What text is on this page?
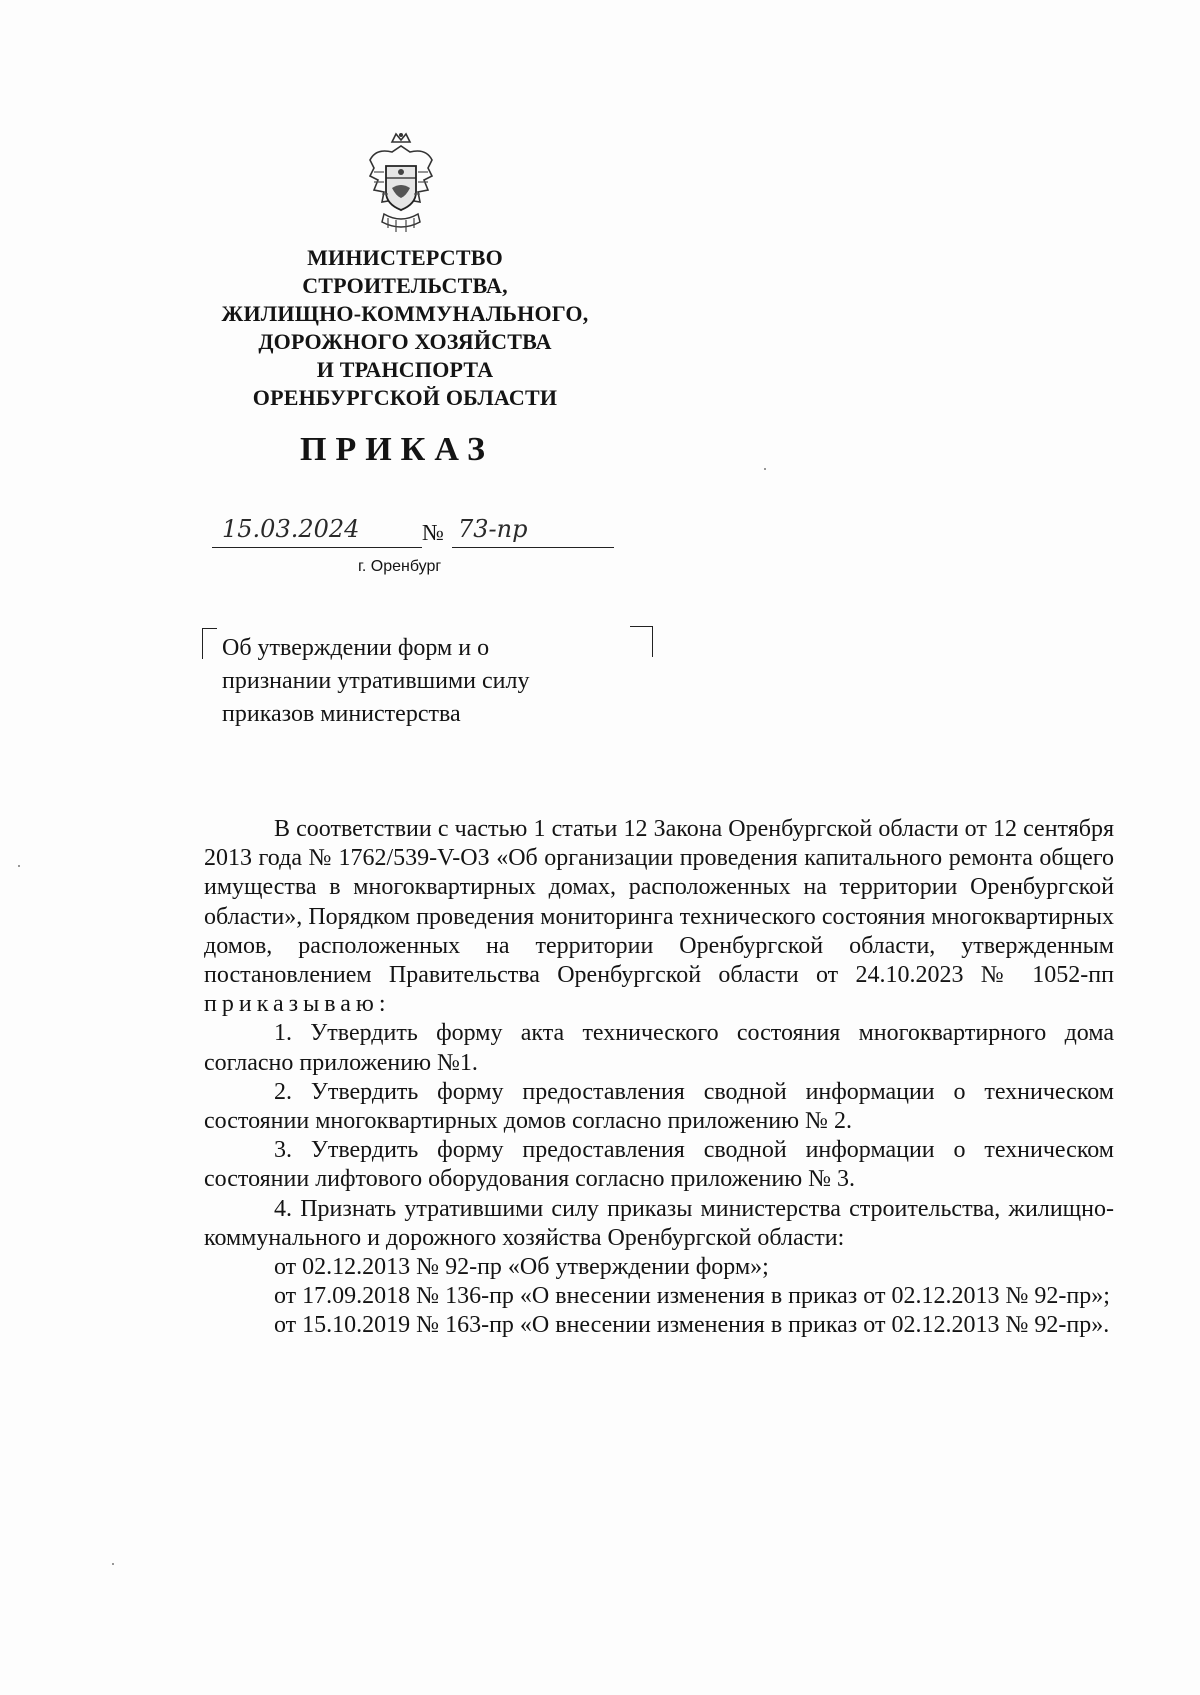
МИНИСТЕРСТВО
СТРОИТЕЛЬСТВА,
ЖИЛИЩНО-КОММУНАЛЬНОГО,
ДОРОЖНОГО ХОЗЯЙСТВА
И ТРАНСПОРТА
ОРЕНБУРГСКОЙ ОБЛАСТИ
ПРИКАЗ
15.03.2024	№ 73-пр
г. Оренбург
Об утверждении форм и о
признании утратившими силу
приказов министерства

В соответствии с частью 1 статьи 12 Закона Оренбургской области от 12 сентября 2013 года № 1762/539-V-ОЗ «Об организации проведения капитального ремонта общего имущества в многоквартирных домах, расположенных на территории Оренбургской области», Порядком проведения мониторинга технического состояния многоквартирных домов, расположенных на территории Оренбургской области, утвержденным постановлением Правительства Оренбургской области от 24.10.2023 № 1052-пп приказываю:

1. Утвердить форму акта технического состояния многоквартирного дома согласно приложению №1.

2. Утвердить форму предоставления сводной информации о техническом состоянии многоквартирных домов согласно приложению № 2.

3. Утвердить форму предоставления сводной информации о техническом состоянии лифтового оборудования согласно приложению № 3.

4. Признать утратившими силу приказы министерства строительства, жилищно-коммунального и дорожного хозяйства Оренбургской области:

от 02.12.2013 № 92-пр «Об утверждении форм»;

от 17.09.2018 № 136-пр «О внесении изменения в приказ от 02.12.2013 № 92-пр»;

от 15.10.2019 № 163-пр «О внесении изменения в приказ от 02.12.2013 № 92-пр».
